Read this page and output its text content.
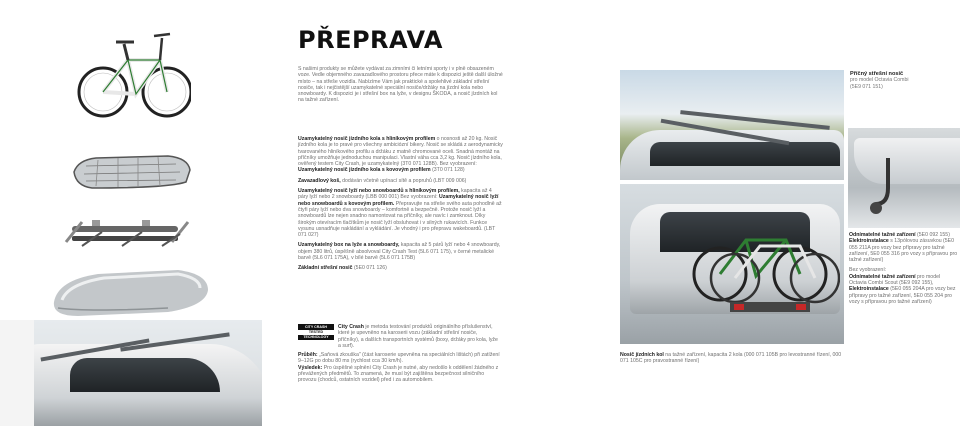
PŘEPRAVA
S našimi produkty se můžete vydávat za zimními či letními sporty i v plně obsazeném voze. Vedle objemného zavazadlového prostoru přece máte k dispozici ještě další úložné místo – na střeše vozidla. Nabízíme Vám jak praktické a spolehlivé základní střešní nosiče, tak i nejčistější uzamykatelné speciální nosiče/držáky na jízdní kola nebo snowboardy. K dispozici je i střešní box na lyže, v designu ŠKODA, a nosič jízdních kol na tažné zařízení.
Uzamykatelný nosič jízdního kola s hliníkovým profilem o nosnosti až 20 kg. Nosič jízdního kola je to pravé pro všechny ambiciózní bikery. Nosič se skládá z aerodynamicky tvarovaného hliníkového profilu a držáku z matně chromované oceli. Snadná montáž na příčníky umožňuje jednoduchou manipulaci. Vlastní váha cca 3,2 kg. Nosič jízdního kola, ověřený testem City Crash, je uzamykatelný (3T0 071 128B). Bez vyobrazení: Uzamykatelný nosič jízdního kola s kovovým profilem (3T0 071 128)
Zavazadlový koš, dodáván včetně upínací sítě a popruhů (LBT 009 006)
Uzamykatelný nosič lyží nebo snowboardů s hliníkovým profilem, kapacita až 4 páry lyží nebo 2 snowboardy (LBB 000 001) Bez vyobrazení: Uzamykatelný nosič lyží nebo snowboardů s kovovým profilem. Přepravujte na střeše svého auta pohodlně až čtyři páry lyží nebo dva snowboardy – komfortně a bezpečně. Protože nosič lyží a snowboardů lze nejen snadno namontovat na příčníky, ale navíc i zamknout. Díky širokým otevíracím tlačítkům je nosič lyží obsluhovat i v silných rukavicích. Funkce vysunu usnadňuje nakládání a vykládání. Je vhodný i pro přepravu wakeboardů. (LBT 071 027)
Uzamykatelný box na lyže a snowboardy, kapacita až 5 párů lyží nebo 4 snowboardy, objem 380 litrů, úspěšně absolvoval City Crash Test (5L6 071 175), v černé metalické barvě (5L6 071 175A), v bílé barvě (5L6 071 175B)
Základní střešní nosič (5E0 071 126)
CITY CRASH
TESTED
TECHNOLOGY
City Crash je metoda testování produktů originálního příslušenství, které je upevněno na karoserii vozu (základní střešní nosiče, příčníky), a dalších transportních systémů (boxy, držáky pro kola, lyže a surf).
Průběh: „Saňová zkouška" (část karoserie upevněna na speciálních lištách) při zatížení 9–12G po dobu 80 ms (rychlost cca 30 km/h).
Výsledek: Pro úspěšné splnění City Crash je nutné, aby nedošlo k oddělení žádného z převážených předmětů. To znamená, že musí být zajištěna bezpečnost silničního provozu (chodců, ostatních vozidel) před i za automobilem.
Příčný střešní nosič
pro model Octavia Combi
(5E9 071 151)
Odnímatelné tažné zařízení (5E0 092 155)
Elektroinstalace s 13pólovou zásuvkou (5E0 055 211A pro vozy bez přípravy pro tažné zařízení, 5E0 055 316 pro vozy s přípravou pro tažné zařízení)
Bez vyobrazení:
Odnímatelné tažné zařízení pro model Octavia Combi Scout (5E9 092 155),
Elektroinstalace (5E0 055 204A pro vozy bez přípravy pro tažné zařízení, 5E0 055 204 pro vozy s přípravou pro tažné zařízení)
Nosič jízdních kol na tažné zařízení, kapacita 2 kola (000 071 105B pro levostranné řízení, 000 071 105C pro pravostranné řízení)
